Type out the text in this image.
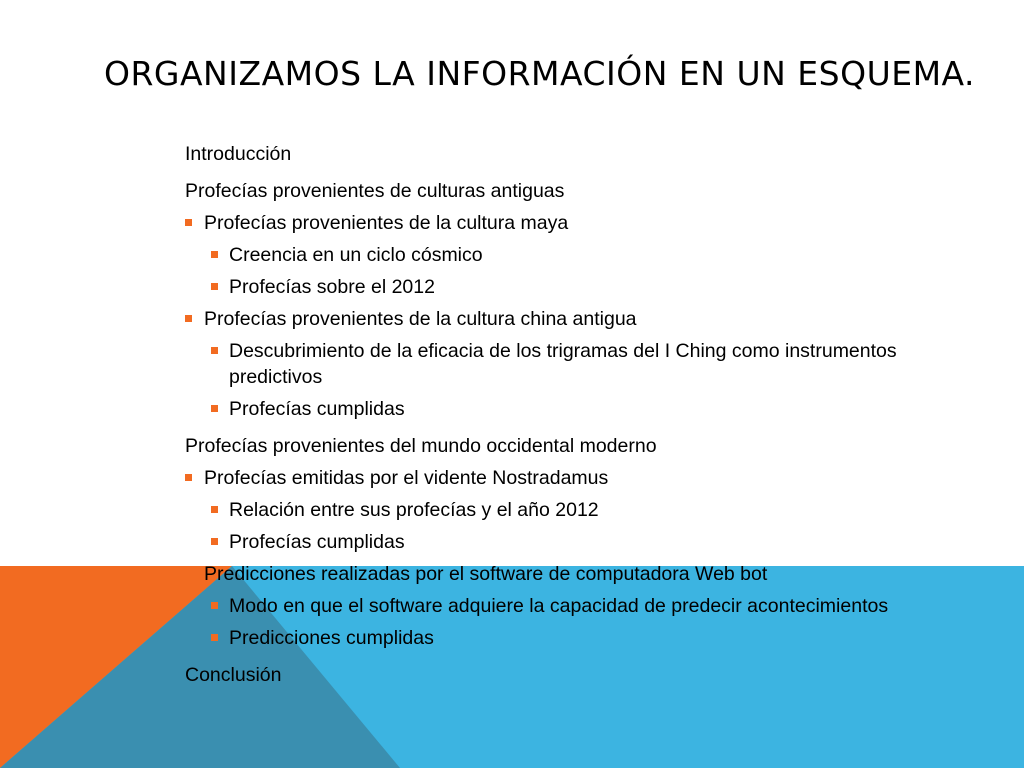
ORGANIZAMOS LA INFORMACIÓN EN UN ESQUEMA.
Introducción
Profecías provenientes de culturas antiguas
Profecías provenientes de la cultura maya
Creencia en un ciclo cósmico
Profecías sobre el 2012
Profecías provenientes de la cultura china antigua
Descubrimiento de la eficacia de los trigramas del I Ching como instrumentos predictivos
Profecías cumplidas
Profecías provenientes del mundo occidental moderno
Profecías emitidas por el vidente Nostradamus
Relación entre sus profecías y el año 2012
Profecías cumplidas
Predicciones realizadas por el software de computadora Web bot
Modo en que el software adquiere la capacidad de predecir acontecimientos
Predicciones cumplidas
Conclusión
